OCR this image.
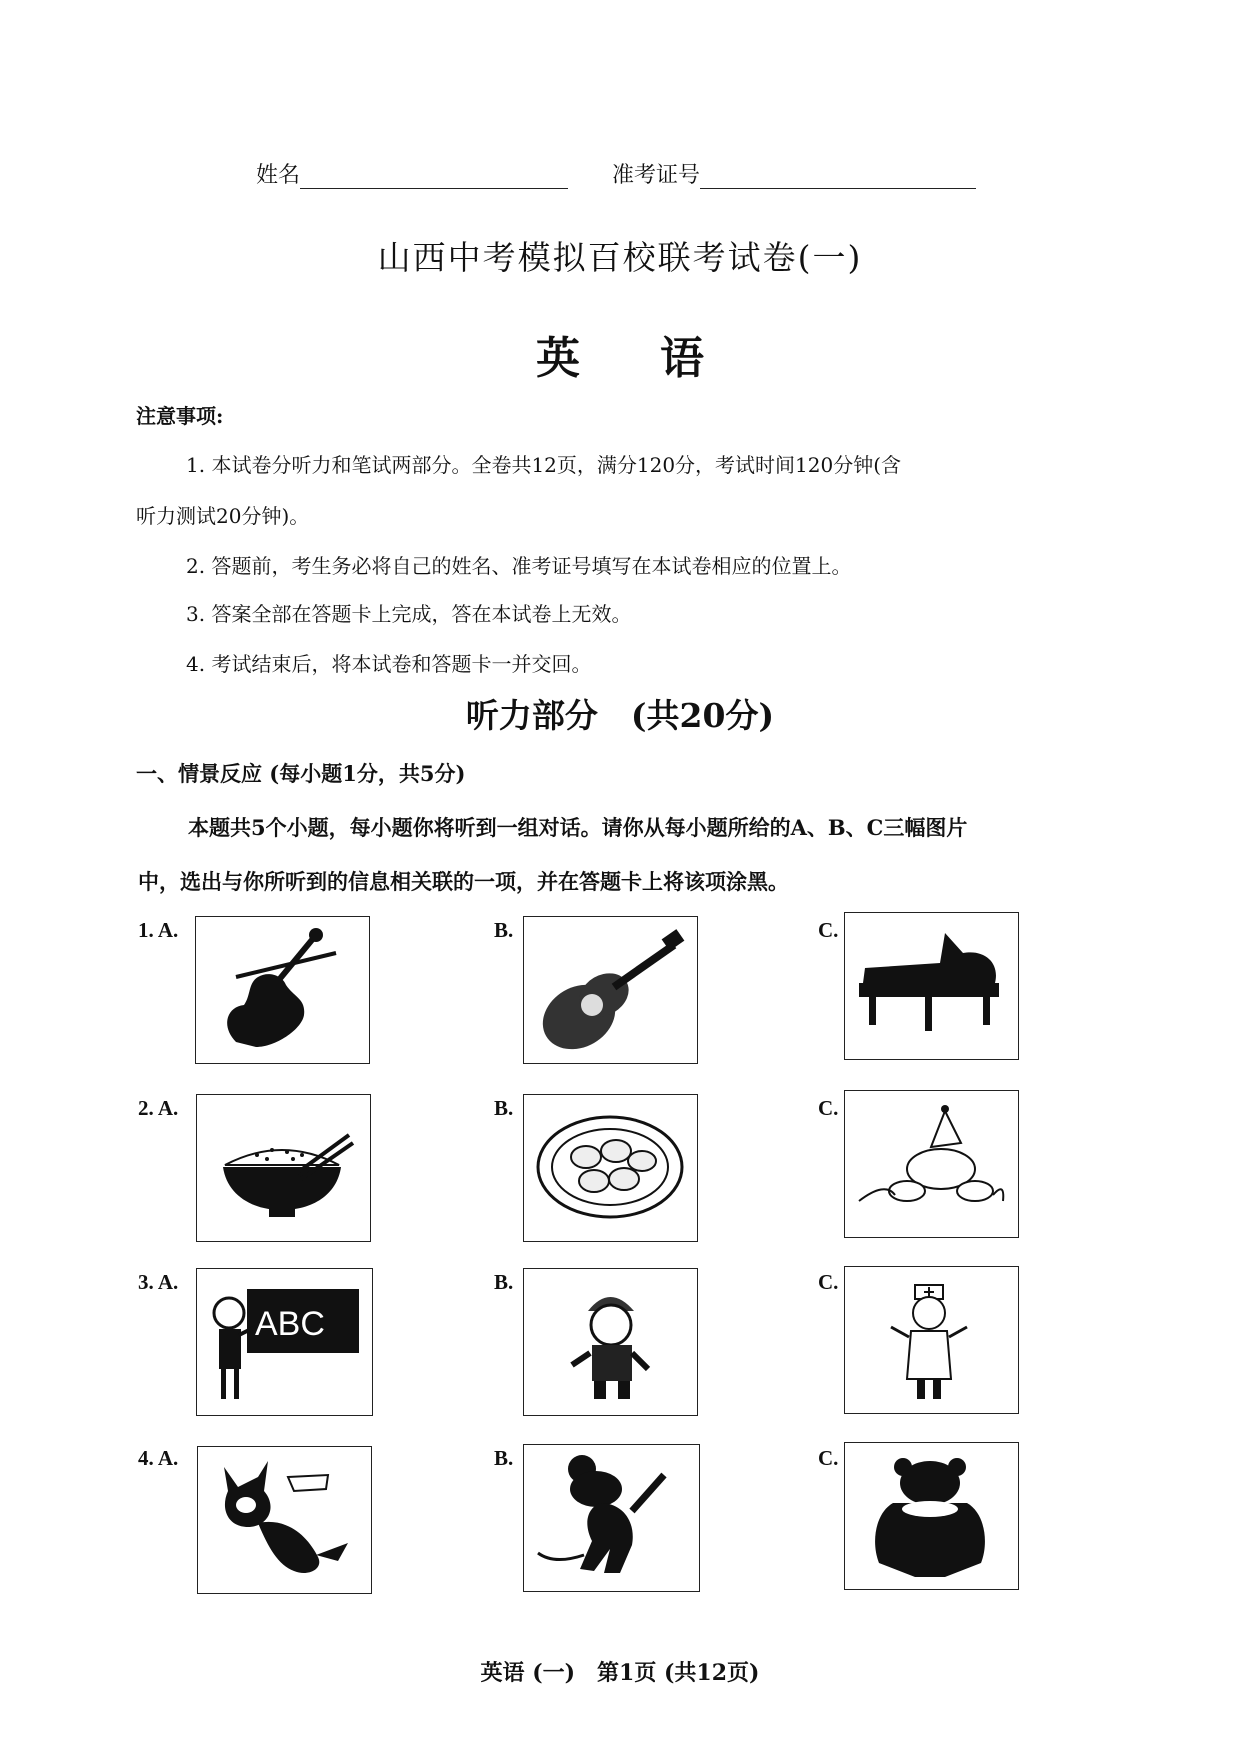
姓名	准考证号
山西中考模拟百校联考试卷(一)
英 语
注意事项:
1. 本试卷分听力和笔试两部分。全卷共12页，满分120分，考试时间120分钟(含
听力测试20分钟)。
2. 答题前，考生务必将自己的姓名、准考证号填写在本试卷相应的位置上。
3. 答案全部在答题卡上完成，答在本试卷上无效。
4. 考试结束后，将本试卷和答题卡一并交回。
听力部分　(共20分)
一、情景反应 (每小题1分，共5分)
本题共5个小题，每小题你将听到一组对话。请你从每小题所给的A、B、C三幅图片
中，选出与你所听到的信息相关联的一项，并在答题卡上将该项涂黑。
1. A.	B.	C.
2. A.	B.	C.
3. A.	B.	C.
ABC
4. A.	B.	C.
英语 (一)　第1页 (共12页)
